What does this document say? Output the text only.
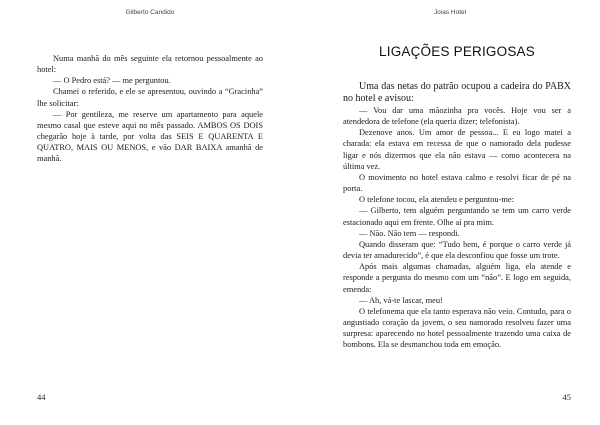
Gilberto Candido

Numa manhã do mês seguinte ela retornou pessoalmente ao hotel:

— O Pedro está? — me perguntou.

Chamei o referido, e ele se apresentou, ouvindo a “Gracinha” lhe solicitar:

— Por gentileza, me reserve um apartamento para aquele mesmo casal que esteve aqui no mês passado. AMBOS OS DOIS chegarão hoje à tarde, por volta das SEIS E QUARENTA E QUATRO, MAIS OU MENOS, e vão DAR BAIXA amanhã de manhã.

44
Joias Hotel
LIGAÇÕES PERIGOSAS

Uma das netas do patrão ocupou a cadeira do PABX no hotel e avisou:

— Vou dar uma mãozinha pra vocês. Hoje vou ser a atendedora de telefone (ela queria dizer; telefonista).

Dezenove anos. Um amor de pessoa... E eu logo matei a charada: ela estava em recessa de que o namorado dela pudesse ligar e nós dizermos que ela não estava — como acontecera na última vez.

O movimento no hotel estava calmo e resolvi ficar de pé na porta.

O telefone tocou, ela atendeu e perguntou-me:

— Gilberto, tem alguém perguntando se tem um carro verde estacionado aqui em frente. Olhe aí pra mim.

— Não. Não tem — respondi.

Quando disseram que: “Tudo bem, é porque o carro verde já devia ter amadurecido”, é que ela desconfiou que fosse um trote.

Após mais algumas chamadas, alguém liga, ela atende e responde a pergunta do mesmo com um “não”. E logo em seguida, emenda:

— Ah, vá-te lascar, meu!

O telefonema que ela tanto esperava não veio. Contudo, para o angustiado coração da jovem, o seu namorado resolveu fazer uma surpresa: aparecendo no hotel pessoalmente trazendo uma caixa de bombons. Ela se desmanchou toda em emoção.

45
